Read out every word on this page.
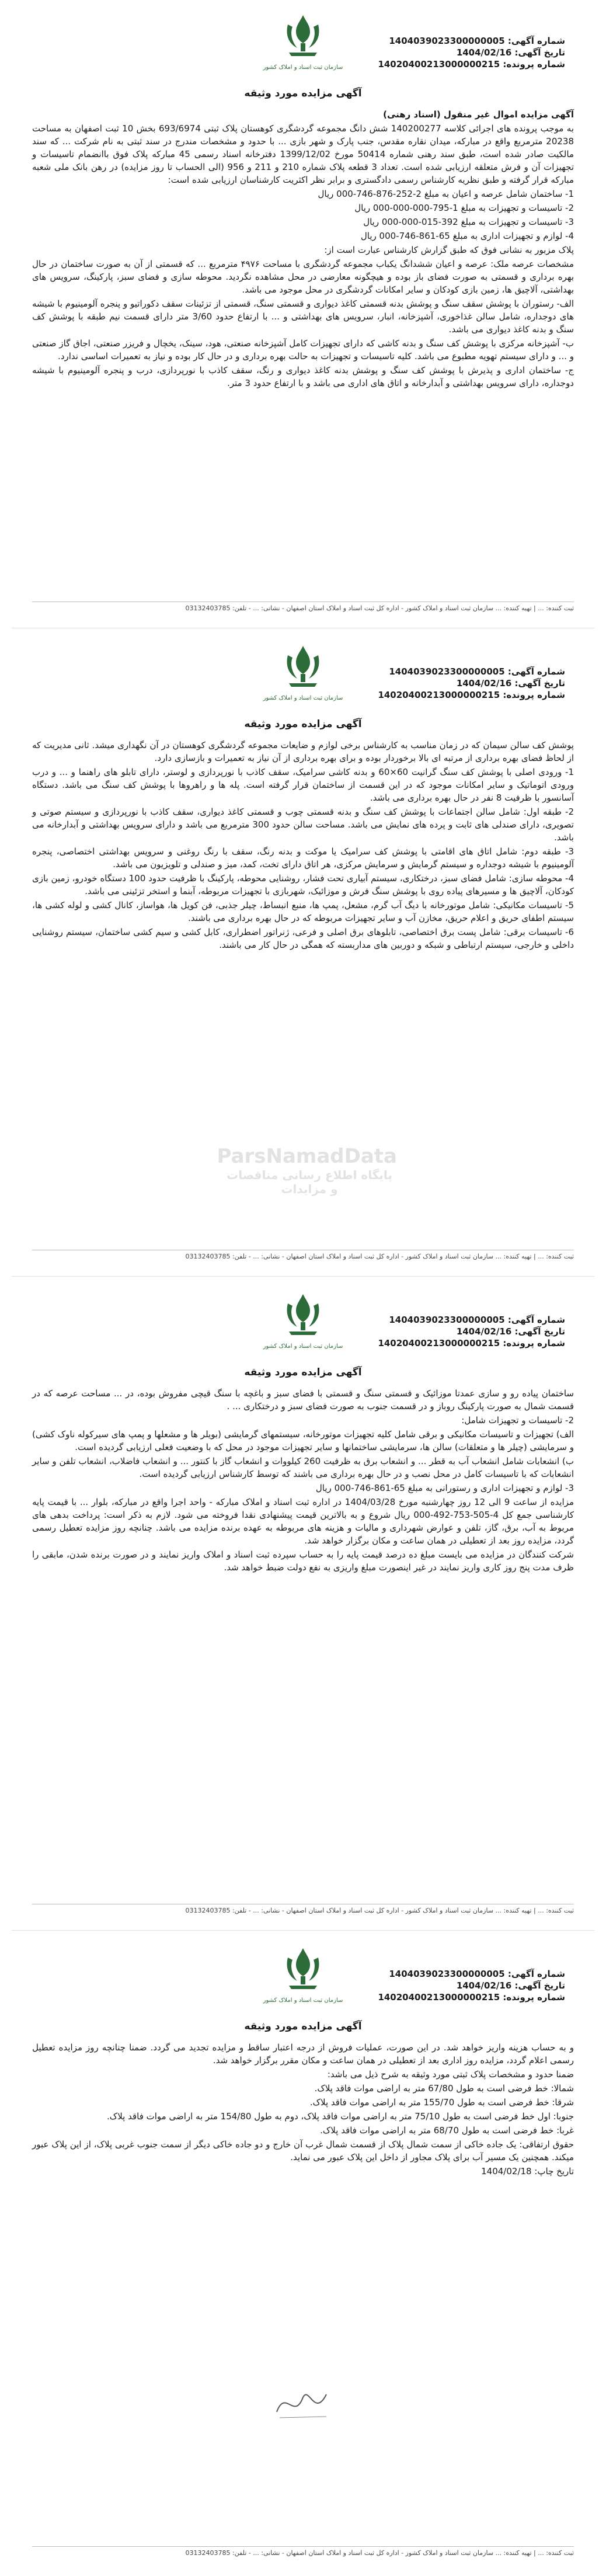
سازمان ثبت اسناد و املاک کشور
شماره آگهی: 1404039023300000005
تاریخ آگهی: 1404/02/16
شماره پرونده: 14020400213000000215
آگهی مزایده مورد وثیقه

آگهی مزایده اموال غیر منقول (اسناد رهنی)

به موجب پرونده های اجرائی کلاسه 140200277 شش دانگ مجموعه گردشگری کوهستان پلاک ثبتی 693/6974 بخش 10 ثبت اصفهان به مساحت 20238 مترمربع واقع در مبارکه، میدان نقاره مقدس، جنب پارک و شهر بازی ... با حدود و مشخصات مندرج در سند ثبتی به نام شرکت ... که سند مالکیت صادر شده است، طبق سند رهنی شماره 50414 مورخ 1399/12/02 دفترخانه اسناد رسمی 45 مبارکه پلاک فوق باانضمام تاسیسات و تجهیزات آن و فرش متعلقه ارزیابی شده است. تعداد 3 قطعه پلاک شماره 210 و 211 و 956 (الی الحساب تا روز مزایده) در رهن بانک ملی شعبه مبارکه قرار گرفته و طبق نظریه کارشناس رسمی دادگستری و برابر نظر اکثریت کارشناسان ارزیابی شده است:

1- ساختمان شامل عرصه و اعیان به مبلغ 2-252-876-746-000 ریال

2- تاسیسات و تجهیزات به مبلغ 1-795-000-000-000 ریال

3- تاسیسات و تجهیزات به مبلغ 392-015-000-000 ریال

4- لوازم و تجهیزات اداری به مبلغ 65-861-746-000 ریال

پلاک مزبور به نشانی فوق که طبق گزارش کارشناس عبارت است از:

مشخصات عرصه ملک: عرصه و اعیان ششدانگ یکباب مجموعه گردشگری با مساحت ۴۹۷۶ مترمربع ... که قسمتی از آن به صورت ساختمان در حال بهره برداری و قسمتی به صورت فضای باز بوده و هیچگونه معارضی در محل مشاهده نگردید. محوطه سازی و فضای سبز، پارکینگ، سرویس های بهداشتی، آلاچیق ها، زمین بازی کودکان و سایر امکانات گردشگری در محل موجود می باشد.

الف- رستوران با پوشش سقف سنگ و پوشش بدنه قسمتی کاغذ دیواری و قسمتی سنگ، قسمتی از تزئینات سقف دکوراتیو و پنجره آلومینیوم با شیشه های دوجداره، شامل سالن غذاخوری، آشپزخانه، انبار، سرویس های بهداشتی و ... با ارتفاع حدود 3/60 متر دارای قسمت نیم طبقه با پوشش کف سنگ و بدنه کاغذ دیواری می باشد.

ب- آشپزخانه مرکزی با پوشش کف سنگ و بدنه کاشی که دارای تجهیزات کامل آشپزخانه صنعتی، هود، سینک، یخچال و فریزر صنعتی، اجاق گاز صنعتی و ... و دارای سیستم تهویه مطبوع می باشد. کلیه تاسیسات و تجهیزات به حالت بهره برداری و در حال کار بوده و نیاز به تعمیرات اساسی ندارد.

ج- ساختمان اداری و پذیرش با پوشش کف سنگ و پوشش بدنه کاغذ دیواری و رنگ، سقف کاذب با نورپردازی، درب و پنجره آلومینیوم با شیشه دوجداره، دارای سرویس بهداشتی و آبدارخانه و اتاق های اداری می باشد و با ارتفاع حدود 3 متر.

ثبت کننده: ... | تهیه کننده: ... سازمان ثبت اسناد و املاک کشور - اداره کل ثبت اسناد و املاک استان اصفهان - نشانی: ... - تلفن: 03132403785
سازمان ثبت اسناد و املاک کشور
شماره آگهی: 1404039023300000005
تاریخ آگهی: 1404/02/16
شماره پرونده: 14020400213000000215
آگهی مزایده مورد وثیقه

پوشش کف سالن سیمان که در زمان مناسب به کارشناس برخی لوازم و ضایعات مجموعه گردشگری کوهستان در آن نگهداری میشد. ثانی مدیریت که از لحاظ فضای بهره برداری از مرتبه ای بالا برخوردار بوده و برای بهره برداری از آن نیاز به تعمیرات و بازسازی دارد.

1- ورودی اصلی با پوشش کف سنگ گرانیت 60×60 و بدنه کاشی سرامیک، سقف کاذب با نورپردازی و لوستر، دارای تابلو های راهنما و ... و درب ورودی اتوماتیک و سایر امکانات موجود که در این قسمت از ساختمان قرار گرفته است. پله ها و راهروها با پوشش کف سنگ می باشد. دستگاه آسانسور با ظرفیت 8 نفر در حال بهره برداری می باشد.

2- طبقه اول: شامل سالن اجتماعات با پوشش کف سنگ و بدنه قسمتی چوب و قسمتی کاغذ دیواری، سقف کاذب با نورپردازی و سیستم صوتی و تصویری، دارای صندلی های ثابت و پرده های نمایش می باشد. مساحت سالن حدود 300 مترمربع می باشد و دارای سرویس بهداشتی و آبدارخانه می باشد.

3- طبقه دوم: شامل اتاق های اقامتی با پوشش کف سرامیک یا موکت و بدنه رنگ، سقف با رنگ روغنی و سرویس بهداشتی اختصاصی، پنجره آلومینیوم با شیشه دوجداره و سیستم گرمایش و سرمایش مرکزی، هر اتاق دارای تخت، کمد، میز و صندلی و تلویزیون می باشد.

4- محوطه سازی: شامل فضای سبز، درختکاری، سیستم آبیاری تحت فشار، روشنایی محوطه، پارکینگ با ظرفیت حدود 100 دستگاه خودرو، زمین بازی کودکان، آلاچیق ها و مسیرهای پیاده روی با پوشش سنگ فرش و موزائیک، شهربازی با تجهیزات مربوطه، آبنما و استخر تزئینی می باشد.

5- تاسیسات مکانیکی: شامل موتورخانه با دیگ آب گرم، مشعل، پمپ ها، منبع انبساط، چیلر جذبی، فن کویل ها، هواساز، کانال کشی و لوله کشی ها، سیستم اطفای حریق و اعلام حریق، مخازن آب و سایر تجهیزات مربوطه که در حال بهره برداری می باشند.

6- تاسیسات برقی: شامل پست برق اختصاصی، تابلوهای برق اصلی و فرعی، ژنراتور اضطراری، کابل کشی و سیم کشی ساختمان، سیستم روشنایی داخلی و خارجی، سیستم ارتباطی و شبکه و دوربین های مداربسته که همگی در حال کار می باشند.

ثبت کننده: ... | تهیه کننده: ... سازمان ثبت اسناد و املاک کشور - اداره کل ثبت اسناد و املاک استان اصفهان - نشانی: ... - تلفن: 03132403785
ParsNamadData
پایگاه اطلاع رسانی مناقصات و مزایدات
سازمان ثبت اسناد و املاک کشور
شماره آگهی: 1404039023300000005
تاریخ آگهی: 1404/02/16
شماره پرونده: 14020400213000000215
آگهی مزایده مورد وثیقه

ساختمان پیاده رو و سازی عمدتا موزائیک و قسمتی سنگ و قسمتی با فضای سبز و باغچه با سنگ قیچی مفروش بوده، در ... مساحت عرصه که در قسمت شمال به صورت پارکینگ روباز و در قسمت جنوب به صورت فضای سبز و درختکاری ... .

2- تاسیسات و تجهیزات شامل:

الف) تجهیزات و تاسیسات مکانیکی و برقی شامل کلیه تجهیزات موتورخانه، سیستمهای گرمایشی (بویلر ها و مشعلها و پمپ های سیرکوله ناوک کشی) و سرمایشی (چیلر ها و متعلقات) سالن ها، سرمایشی ساختمانها و سایر تجهیزات موجود در محل که با وضعیت فعلی ارزیابی گردیده است.

ب) انشعابات شامل انشعاب آب به قطر ... و انشعاب برق به ظرفیت 260 کیلووات و انشعاب گاز با کنتور ... و انشعاب فاضلاب، انشعاب تلفن و سایر انشعابات که با تاسیسات کامل در محل نصب و در حال بهره برداری می باشند که توسط کارشناس ارزیابی گردیده است.

3- لوازم و تجهیزات اداری و رستورانی به مبلغ 65-861-746-000 ریال

مزایده از ساعت 9 الی 12 روز چهارشنبه مورخ 1404/03/28 در اداره ثبت اسناد و املاک مبارکه - واحد اجرا واقع در مبارکه، بلوار ... با قیمت پایه کارشناسی جمع کل 4-505-753-492-000 ریال شروع و به بالاترین قیمت پیشنهادی نقدا فروخته می شود. لازم به ذکر است: پرداخت بدهی های مربوط به آب، برق، گاز، تلفن و عوارض شهرداری و مالیات و هزینه های مربوطه به عهده برنده مزایده می باشد. چنانچه روز مزایده تعطیل رسمی گردد، مزایده روز بعد از تعطیلی در همان ساعت و مکان برگزار خواهد شد.

شرکت کنندگان در مزایده می بایست مبلغ ده درصد قیمت پایه را به حساب سپرده ثبت اسناد و املاک واریز نمایند و در صورت برنده شدن، مابقی را ظرف مدت پنج روز کاری واریز نمایند در غیر اینصورت مبلغ واریزی به نفع دولت ضبط خواهد شد.

ثبت کننده: ... | تهیه کننده: ... سازمان ثبت اسناد و املاک کشور - اداره کل ثبت اسناد و املاک استان اصفهان - نشانی: ... - تلفن: 03132403785
سازمان ثبت اسناد و املاک کشور
شماره آگهی: 1404039023300000005
تاریخ آگهی: 1404/02/16
شماره پرونده: 14020400213000000215
آگهی مزایده مورد وثیقه

و به حساب هزینه واریز خواهد شد. در این صورت، عملیات فروش از درجه اعتبار ساقط و مزایده تجدید می گردد. ضمنا چنانچه روز مزایده تعطیل رسمی اعلام گردد، مزایده روز اداری بعد از تعطیلی در همان ساعت و مکان مقرر برگزار خواهد شد.

ضمنا حدود و مشخصات پلاک ثبتی مورد وثیقه به شرح ذیل می باشد:

شمالا: خط فرضی است به طول 67/80 متر به اراضی موات فاقد پلاک.

شرقا: خط فرضی است به طول 155/70 متر به اراضی موات فاقد پلاک.

جنوبا: اول خط فرضی است به طول 75/10 متر به اراضی موات فاقد پلاک، دوم به طول 154/80 متر به اراضی موات فاقد پلاک.

غربا: خط فرضی است به طول 68/70 متر به اراضی موات فاقد پلاک.

حقوق ارتفاقی: یک جاده خاکی از سمت شمال پلاک از قسمت شمال غرب آن خارج و دو جاده خاکی دیگر از سمت جنوب غربی پلاک، از این پلاک عبور میکند. همچنین یک مسیر آب برای پلاک مجاور از داخل این پلاک عبور می نماید.

تاریخ چاپ: 1404/02/18

ثبت کننده: ... | تهیه کننده: ... سازمان ثبت اسناد و املاک کشور - اداره کل ثبت اسناد و املاک استان اصفهان - نشانی: ... - تلفن: 03132403785
